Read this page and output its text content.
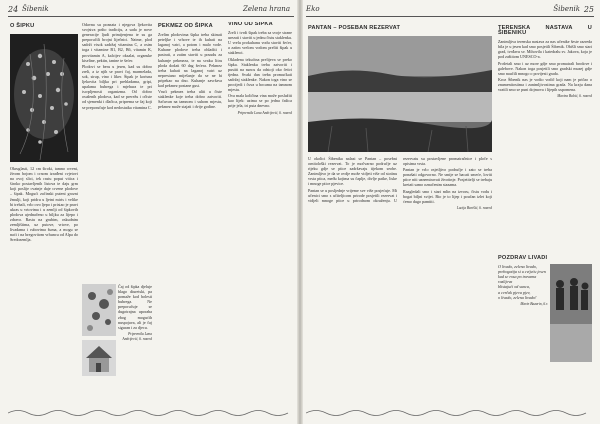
24 Šibenik	Zelena hrana
O ŠIPKU

Okruglasti, 12 cm široki, tamno crveni, živom bojom i crnom izrađeni cvjetovi na ovoj slici, tek rastu poput vitica i široko postavljenih listova te daju grm koji poslije cvatnje daje crvene plodove – šipak. Mogući začinski puteni grozni žmulji, koji pridru u ljetni miris i velike bi trebali, vrlo ovo ljepo i pristao je pravi ukras u vrtovima i u zemlji od šipkovih plodova ujednačeno u biljku za lijepo i zdravo. Rastu na grubim, oskudnim zemljištima, uz putove, vrtove, po livadama i rubovima šuma, a mogu se naći i na bregovitom vrhuncu od Alpa do Sredozemlja.

Odavna su poznata i njegova ljekovita svojstva pošto tradiciju, a sada je nove generacije ljudi primijenjena te su ga preporučili brojni liječnici. Naime, plod sadrži visok sadržaj vitamina C, a osim toga i vitamine B1, B2, B6, vitamin K, provitamin A, kalcijev oksalat, organske kiseline, pektin, tanine te šećer.

Plodovi se beru u jesen, kad su dobro zreli, a iz njih se pravi čaj, marmelada, sok, sirup, vino i liker. Šipak je korisna ljekovita biljka pri prehladama, gripi, upalama bubrega i mjehura te pri iscrpljenosti organizma. Od dobro osušenih plodova, kad se prerežu i očiste od sjemenki i dlačica, priprema se čaj koji se preporučuje kod nedostatka vitamina C.

Čaj od šipka djeluje blago diuretski, pa pomaže kod bolesti bubrega. Ne preporučuje se dugotrajna uporaba zbog mogućih nuspojava, ali je čaj siguran i za djecu.

Pripremila Lana Andrijević, 6. razred
PEKMEZ OD ŠIPKA

Zrelim plodovima šipka treba skinuti peteljke i vrhove te ih kuhati na laganoj vatri, a potom i malo vode. Kuhane plodove treba ohladiti i pasirati, a zatim staviti u posudu za kuhanje pekmeza, te na svaku litru ploda dodati 60 dag šećera. Pekmez treba kuhati na laganoj vatri uz neprestano miješanje da se ne bi pripekao na dno. Kuhanje završava kad pekmez postane gust.

Vrući pekmez treba uliti u čiste staklenke koje treba dobro zatvoriti. Sačuvan na tamnom i suhom mjestu, pekmez može stajati i dvije godine.

VINO OD ŠIPKA

Zreli i tvrdi šipak treba sa svoje strane urezati i staviti u jednu čistu staklenku. U vrelu prokuhanu vodu staviti šećer, a zatim vrelom vodom preliti šipak u staklenci.

Okladena tekućina prelijeva se preko šipka. Staklenku treba zatvoriti i pustiti na suncu da odstoji oko četiri tjedna. Svaki dan treba promućkati sadržaj staklenke. Nakon toga vino se procijedi i čuva u bocama na tamnom mjestu.

Ova mala količina vina može poslužiti kao lijek: uzima se po jedna čašica prije jela, tri puta dnevno.

Pripremila Lana Andrijević, 6. razred
Eko	Šibenik 25
PANTAN – POSEBAN REZERVAT

U okolici Šibenika nalazi se Pantan – posebni ornitološki rezervat. To je močvarno područje uz rijeku gdje se ptice zadržavaju tijekom seobe. Zanimljivo je da se ovdje može vidjeti više od stotinu vrsta ptica, među kojima su čaplje, divlje patke, liske i mnoge ptice pjevice.

Pantan se u posljednje vrijeme sve više posjećuje. Mi učenici smo s učiteljicom prirode posjetili rezervat i vidjeli mnoge ptice u prirodnom okruženju. U rezervatu su postavljene promatračnice i ploče s opisima vrsta.

Pantan je vrlo osjetljivo područje i zato se treba ponašati odgovorno. Ne smije se bacati smeće, loviti ptice niti uznemiravati životinje. Posjetitelji se trebaju kretati samo označenim stazama.

Razgledali smo i stari mlin na izvoru, čistu vodu i bogat biljni svijet. Bio je to lijep i poučan izlet koji ćemo dugo pamtiti.

Lucija Barišić, 6. razred
TERENSKA NASTAVA U ŠIBENIKU

Zanimljiva terenska nastava za nas učenike šeste razreda bila je u jesen kad smo posjetili Šibenik. Obišli smo stari grad, tvrđavu sv. Mihovila i katedralu sv. Jakova, koja je pod zaštitom UNESCO-a.

Prošetali smo i uz more gdje smo promatrali brodove i galebove. Nakon toga posjetili smo gradski muzej gdje smo naučili mnogo o povijesti grada.

Kroz Šibenik nas je vodio vodič koji nam je pričao o znamenitostima i zanimljivostima grada. Na kraju dana vratili smo se puni dojmova i lijepih uspomena.

Marina Babić, 6. razred
POZDRAV LIVADI
O livado, zelena livado,
prebogatija si u cvijeću jesen
kad se rosa po travama razlijeva
blistajući od sunca,
a cvrčak pjeva pjev,
o livado, zelena livado!
Marin Bazarin, 6.r.
